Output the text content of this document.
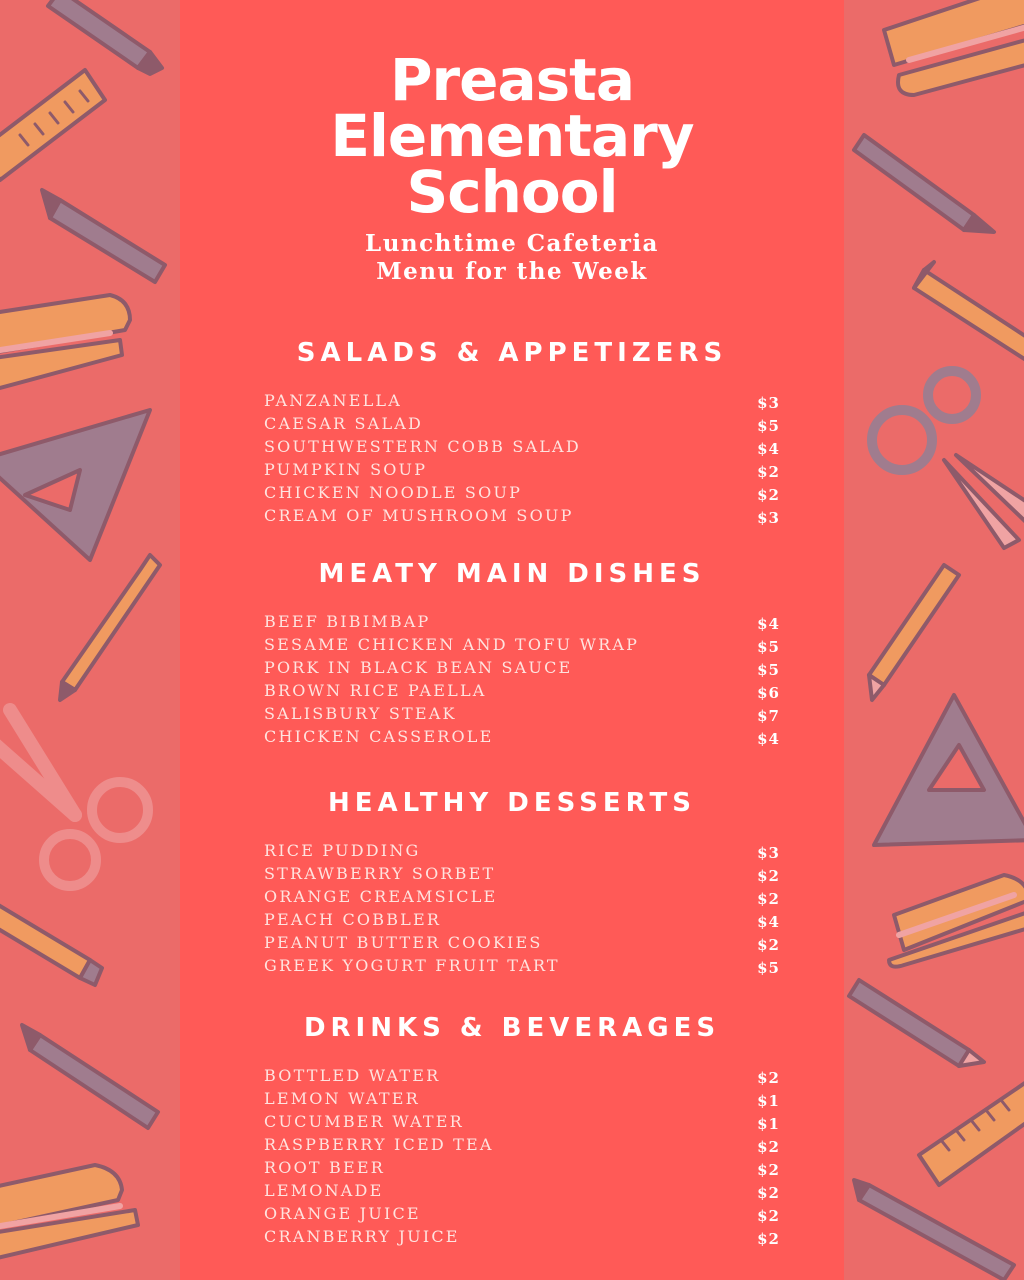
Preasta
Elementary
School
Lunchtime Cafeteria
Menu for the Week
SALADS & APPETIZERS
PANZANELLA	$3
CAESAR SALAD	$5
SOUTHWESTERN COBB SALAD	$4
PUMPKIN SOUP	$2
CHICKEN NOODLE SOUP	$2
CREAM OF MUSHROOM SOUP	$3
MEATY MAIN DISHES
BEEF BIBIMBAP	$4
SESAME CHICKEN AND TOFU WRAP	$5
PORK IN BLACK BEAN SAUCE	$5
BROWN RICE PAELLA	$6
SALISBURY STEAK	$7
CHICKEN CASSEROLE	$4
HEALTHY DESSERTS
RICE PUDDING	$3
STRAWBERRY SORBET	$2
ORANGE CREAMSICLE	$2
PEACH COBBLER	$4
PEANUT BUTTER COOKIES	$2
GREEK YOGURT FRUIT TART	$5
DRINKS & BEVERAGES
BOTTLED WATER	$2
LEMON WATER	$1
CUCUMBER WATER	$1
RASPBERRY ICED TEA	$2
ROOT BEER	$2
LEMONADE	$2
ORANGE JUICE	$2
CRANBERRY JUICE	$2
